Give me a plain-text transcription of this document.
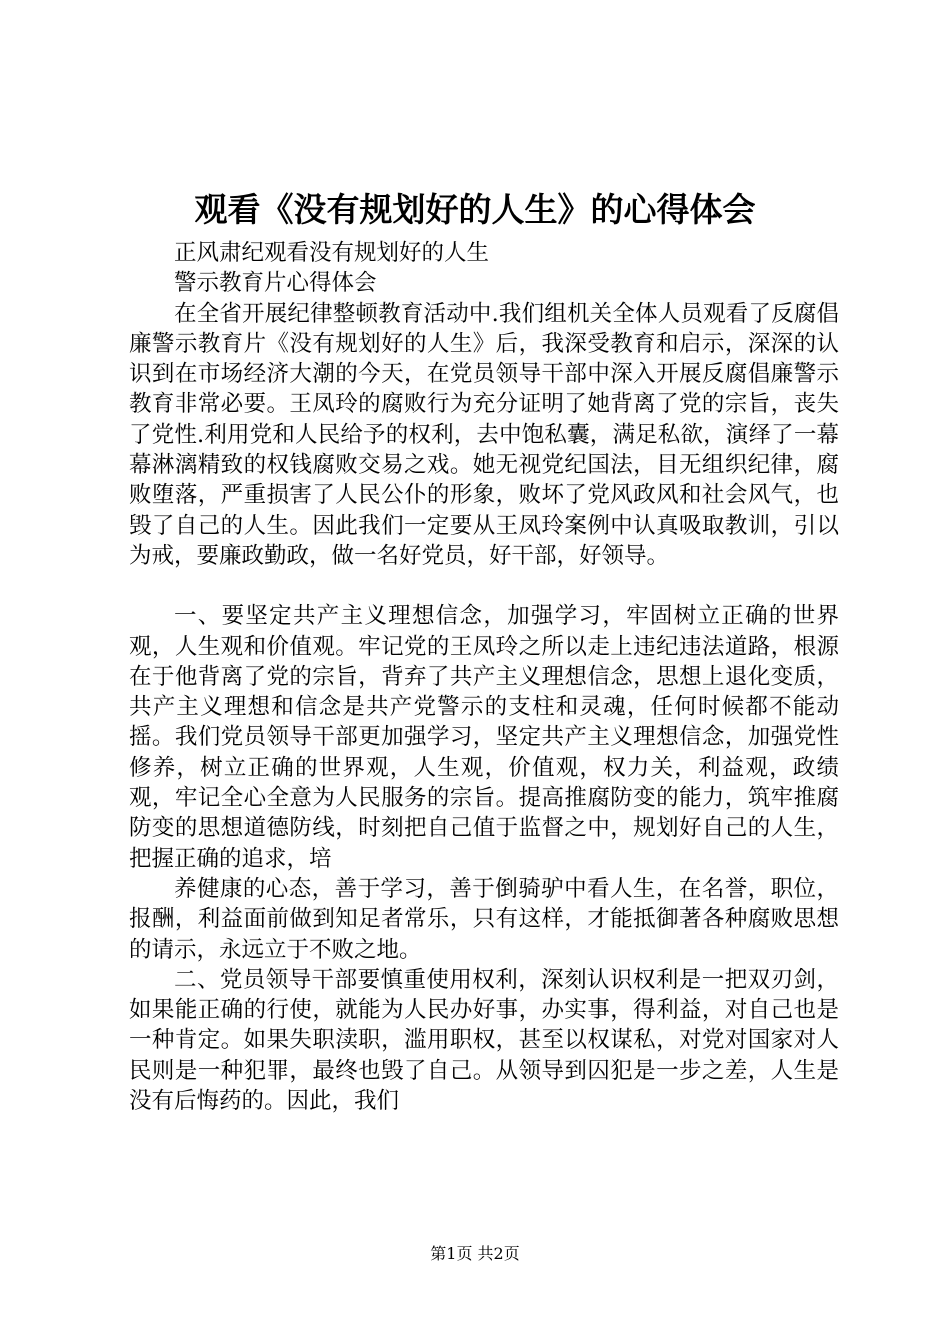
观看《没有规划好的人生》的心得体会

正风肃纪观看没有规划好的人生

警示教育片心得体会

在全省开展纪律整顿教育活动中.我们组机关全体人员观看了反腐倡廉警示教育片《没有规划好的人生》后，我深受教育和启示，深深的认识到在市场经济大潮的今天，在党员领导干部中深入开展反腐倡廉警示教育非常必要。王凤玲的腐败行为充分证明了她背离了党的宗旨，丧失了党性.利用党和人民给予的权利，去中饱私囊，满足私欲，演绎了一幕幕淋漓精致的权钱腐败交易之戏。她无视党纪国法，目无组织纪律，腐败堕落，严重损害了人民公仆的形象，败坏了党风政风和社会风气，也毁了自己的人生。因此我们一定要从王凤玲案例中认真吸取教训，引以为戒，要廉政勤政，做一名好党员，好干部，好领导。

一、要坚定共产主义理想信念，加强学习，牢固树立正确的世界观，人生观和价值观。牢记党的王凤玲之所以走上违纪违法道路，根源在于他背离了党的宗旨，背弃了共产主义理想信念，思想上退化变质，共产主义理想和信念是共产党警示的支柱和灵魂，任何时候都不能动摇。我们党员领导干部更加强学习，坚定共产主义理想信念，加强党性修养，树立正确的世界观，人生观，价值观，权力关，利益观，政绩观，牢记全心全意为人民服务的宗旨。提高推腐防变的能力，筑牢推腐防变的思想道德防线，时刻把自己值于监督之中，规划好自己的人生，把握正确的追求，培

养健康的心态，善于学习，善于倒骑驴中看人生，在名誉，职位，报酬，利益面前做到知足者常乐，只有这样，才能抵御著各种腐败思想的请示，永远立于不败之地。

二、党员领导干部要慎重使用权利，深刻认识权利是一把双刃剑，如果能正确的行使，就能为人民办好事，办实事，得利益，对自己也是一种肯定。如果失职渎职，滥用职权，甚至以权谋私，对党对国家对人民则是一种犯罪，最终也毁了自己。从领导到囚犯是一步之差，人生是没有后悔药的。因此，我们

第1页 共2页
